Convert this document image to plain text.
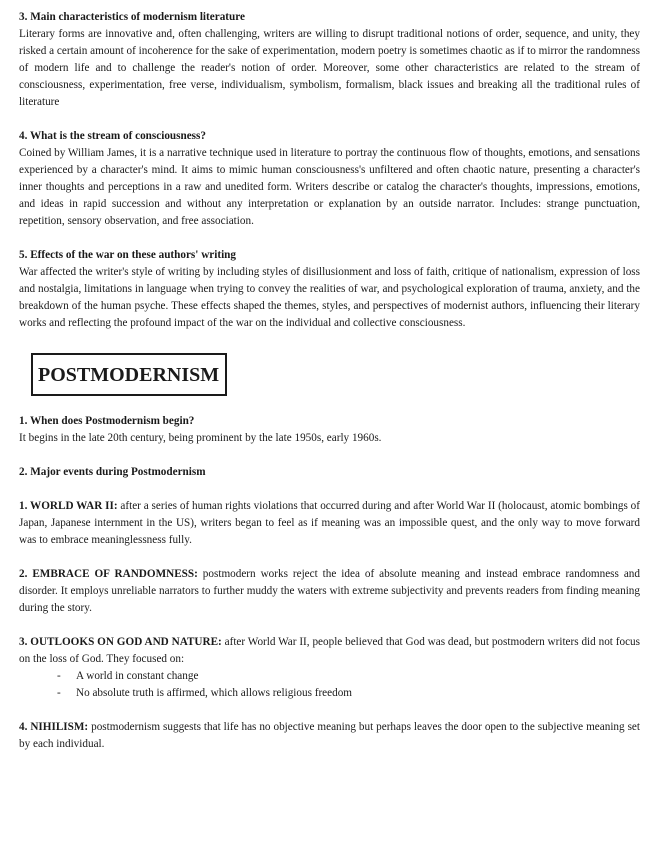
3. Main characteristics of modernism literature

Literary forms are innovative and, often challenging, writers are willing to disrupt traditional notions of order, sequence, and unity, they risked a certain amount of incoherence for the sake of experimentation, modern poetry is sometimes chaotic as if to mirror the randomness of modern life and to challenge the reader's notion of order. Moreover, some other characteristics are related to the stream of consciousness, experimentation, free verse, individualism, symbolism, formalism, black issues and breaking all the traditional rules of literature

4. What is the stream of consciousness?

Coined by William James, it is a narrative technique used in literature to portray the continuous flow of thoughts, emotions, and sensations experienced by a character's mind. It aims to mimic human consciousness's unfiltered and often chaotic nature, presenting a character's inner thoughts and perceptions in a raw and unedited form. Writers describe or catalog the character's thoughts, impressions, emotions, and ideas in rapid succession and without any interpretation or explanation by an outside narrator. Includes: strange punctuation, repetition, sensory observation, and free association.

5. Effects of the war on these authors' writing

War affected the writer's style of writing by including styles of disillusionment and loss of faith, critique of nationalism, expression of loss and nostalgia, limitations in language when trying to convey the realities of war, and psychological exploration of trauma, anxiety, and the breakdown of the human psyche. These effects shaped the themes, styles, and perspectives of modernist authors, influencing their literary works and reflecting the profound impact of the war on the individual and collective consciousness.

POSTMODERNISM

1. When does Postmodernism begin?

It begins in the late 20th century, being prominent by the late 1950s, early 1960s.

2. Major events during Postmodernism

1. WORLD WAR II: after a series of human rights violations that occurred during and after World War II (holocaust, atomic bombings of Japan, Japanese internment in the US), writers began to feel as if meaning was an impossible quest, and the only way to move forward was to embrace meaninglessness fully.

2. EMBRACE OF RANDOMNESS: postmodern works reject the idea of absolute meaning and instead embrace randomness and disorder. It employs unreliable narrators to further muddy the waters with extreme subjectivity and prevents readers from finding meaning during the story.

3. OUTLOOKS ON GOD AND NATURE: after World War II, people believed that God was dead, but postmodern writers did not focus on the loss of God. They focused on:

- A world in constant change
- No absolute truth is affirmed, which allows religious freedom

4. NIHILISM: postmodernism suggests that life has no objective meaning but perhaps leaves the door open to the subjective meaning set by each individual.
